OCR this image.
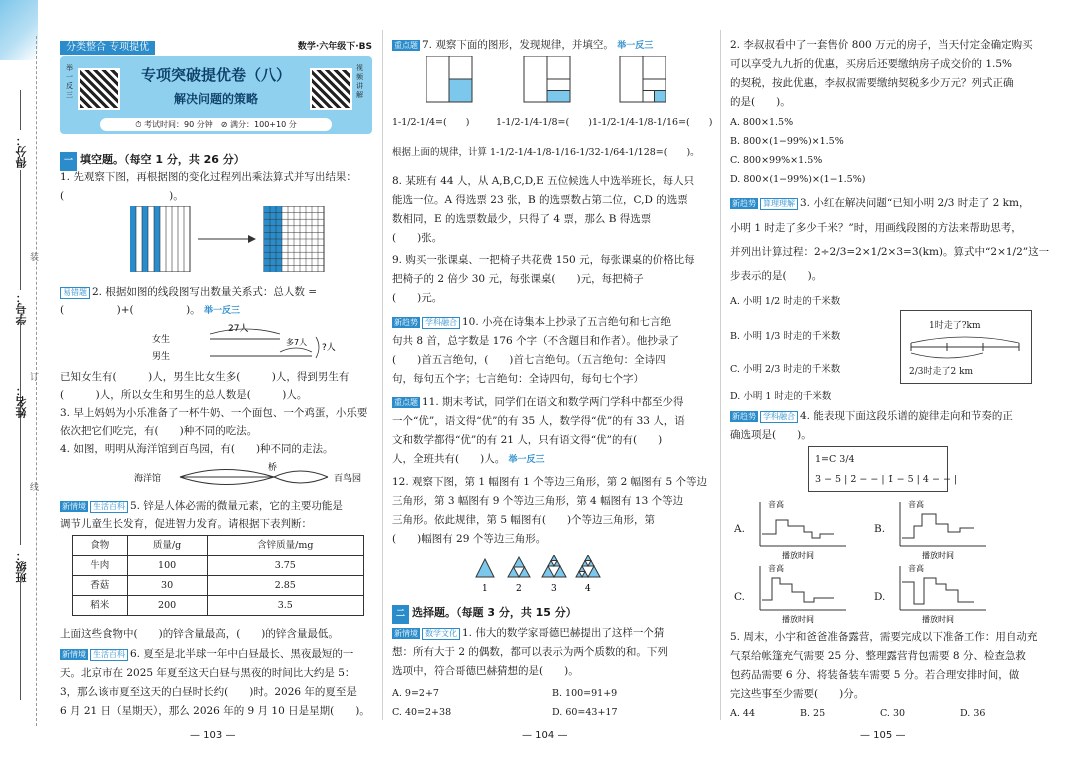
得分：
学号：
姓名：
班级：
装
订
线
分类整合 专项提优	数学·六年级下·BS
举一反三
专项突破提优卷（八）
解决问题的策略
视频讲解
⏱ 考试时间：90 分钟　⊘ 满分：100+10 分
一 填空题。（每空 1 分，共 26 分）
1. 先观察下图，再根据图的变化过程列出乘法算式并写出结果：
(　　　　　　　　　　)。
易错题 2. 根据如图的线段图写出数量关系式：总人数 =
(　　　　　)+(　　　　　)。 举一反三
女生
男生
27人
多7人
?人
已知女生有(　　　)人，男生比女生多(　　　)人，得到男生有
(　　　)人，所以女生和男生的总人数是(　　　)人。
3. 早上妈妈为小乐准备了一杯牛奶、一个面包、一个鸡蛋，小乐要
依次把它们吃完，有(　　)种不同的吃法。
4. 如图，明明从海洋馆到百鸟园，有(　　)种不同的走法。
海洋馆
桥
百鸟园
新情境 生活百科 5. 锌是人体必需的微量元素，它的主要功能是
调节儿童生长发育，促进智力发育。请根据下表判断：
食物	质量/g	含锌质量/mg
牛肉	100	3.75
香菇	30	2.85
稻米	200	3.5
上面这些食物中(　　)的锌含量最高，(　　)的锌含量最低。
新情境 生活百科 6. 夏至是北半球一年中白昼最长、黑夜最短的一
天。北京市在 2025 年夏至这天白昼与黑夜的时间比大约是 5：
3，那么该市夏至这天的白昼时长约(　　)时。2026 年的夏至是
6 月 21 日（星期天），那么 2026 年的 9 月 10 日是星期(　　)。
— 103 —
重点题 7. 观察下面的图形，发现规律，并填空。 举一反三
1-1/2-1/4=(　　)	1-1/2-1/4-1/8=(　　) 1-1/2-1/4-1/8-1/16=(　　)
根据上面的规律，计算 1-1/2-1/4-1/8-1/16-1/32-1/64-1/128=(　　)。
8. 某班有 44 人，从 A,B,C,D,E 五位候选人中选举班长，每人只
能选一位。A 得选票 23 张，B 的选票数占第二位，C,D 的选票
数相同，E 的选票数最少，只得了 4 票，那么 B 得选票
(　　)张。
9. 购买一张课桌、一把椅子共花费 150 元，每张课桌的价格比每
把椅子的 2 倍少 30 元，每张课桌(　　)元，每把椅子
(　　)元。
新趋势 学科融合 10. 小亮在诗集本上抄录了五言绝句和七言绝
句共 8 首，总字数是 176 个字（不含题目和作者）。他抄录了
(　　)首五言绝句，(　　)首七言绝句。（五言绝句：全诗四
句，每句五个字；七言绝句：全诗四句，每句七个字）
重点题 11. 期末考试，同学们在语文和数学两门学科中都至少得
一个“优”，语文得“优”的有 35 人，数学得“优”的有 33 人，语
文和数学都得“优”的有 21 人，只有语文得“优”的有(　　)
人，全班共有(　　)人。 举一反三
12. 观察下图，第 1 幅图有 1 个等边三角形，第 2 幅图有 5 个等边
三角形，第 3 幅图有 9 个等边三角形，第 4 幅图有 13 个等边
三角形。依此规律，第 5 幅图有(　　)个等边三角形，第
(　　)幅图有 29 个等边三角形。
1	2	3	4
二 选择题。（每题 3 分，共 15 分）
新情境 数学文化 1. 伟大的数学家哥德巴赫提出了这样一个猜
想：所有大于 2 的偶数，都可以表示为两个质数的和。下列
选项中，符合哥德巴赫猜想的是(　　)。
A. 9=2+7	B. 100=91+9
C. 40=2+38	D. 60=43+17
— 104 —
2. 李叔叔看中了一套售价 800 万元的房子，当天付定金确定购买
可以享受九九折的优惠，买房后还要缴纳房子成交价的 1.5%
的契税，按此优惠，李叔叔需要缴纳契税多少万元？列式正确
的是(　　)。
A. 800×1.5%
B. 800×(1−99%)×1.5%
C. 800×99%×1.5%
D. 800×(1−99%)×(1−1.5%)
新趋势 算理理解 3. 小红在解决问题“已知小明 2/3 时走了 2 km，
小明 1 时走了多少千米？”时，用画线段图的方法来帮助思考，
并列出计算过程：2÷2/3=2×1/2×3=3(km)。算式中“2×1/2”这一
步表示的是(　　)。
A. 小明 1/2 时走的千米数
B. 小明 1/3 时走的千米数
C. 小明 2/3 时走的千米数
D. 小明 1 时走的千米数
1时走了?km
2/3时走了2 km
新趋势 学科融合 4. 能表现下面这段乐谱的旋律走向和节奏的正
确选项是(　　)。
1=C 3/4
3 − 5 | 2̇ − − | 1̇ − 5 | 4 − − |
A.
音高
播放时间
B.
音高
播放时间
C.
音高
播放时间
D.
音高
播放时间
5. 周末，小宇和爸爸准备露营，需要完成以下准备工作：用自动充
气泵给帐篷充气需要 25 分、整理露营背包需要 8 分、检查急救
包药品需要 6 分、将装备装车需要 5 分。若合理安排时间，做
完这些事至少需要(　　)分。
A. 44	B. 25	C. 30	D. 36
— 105 —
